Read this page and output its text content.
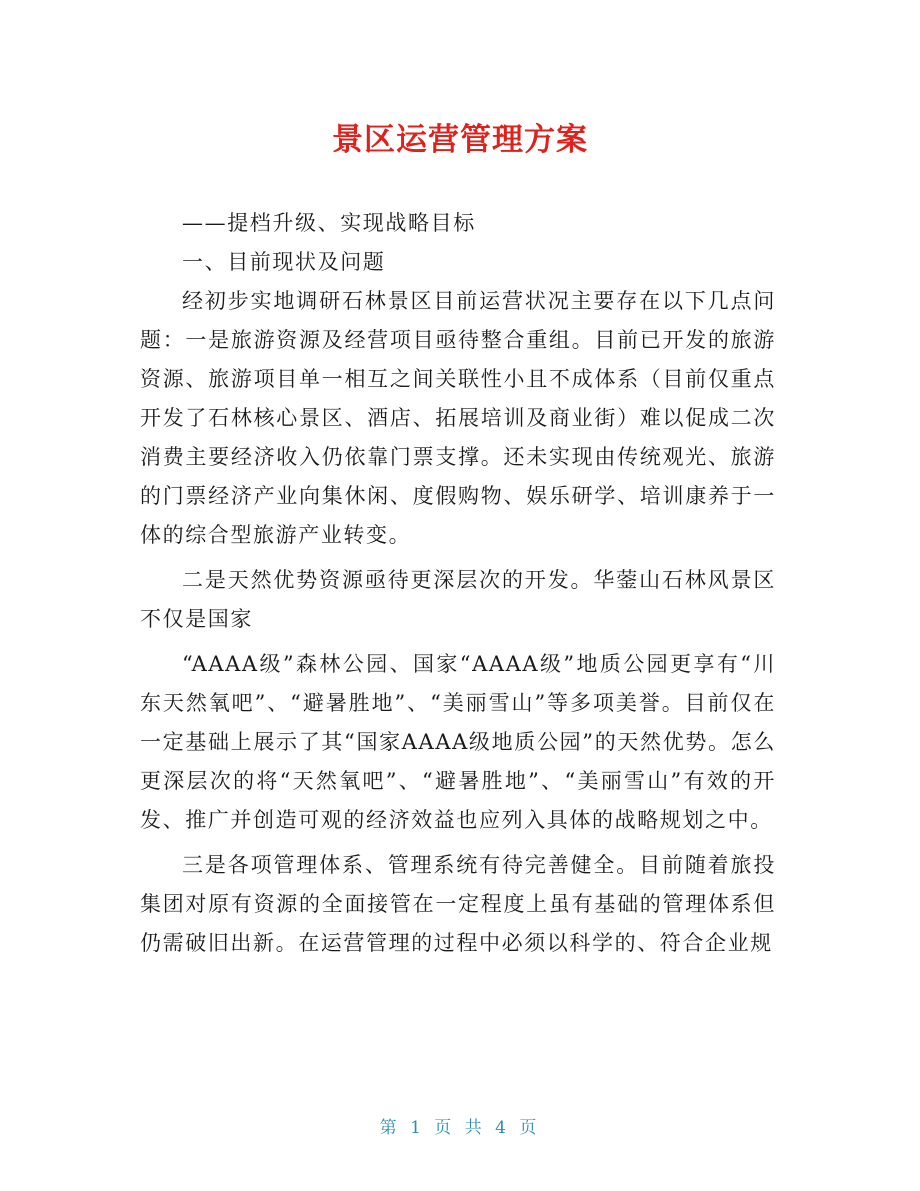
景区运营管理方案

——提档升级、实现战略目标

一、目前现状及问题

经初步实地调研石林景区目前运营状况主要存在以下几点问题：一是旅游资源及经营项目亟待整合重组。目前已开发的旅游资源、旅游项目单一相互之间关联性小且不成体系（目前仅重点开发了石林核心景区、酒店、拓展培训及商业街）难以促成二次消费主要经济收入仍依靠门票支撑。还未实现由传统观光、旅游的门票经济产业向集休闲、度假购物、娱乐研学、培训康养于一体的综合型旅游产业转变。

二是天然优势资源亟待更深层次的开发。华蓥山石林风景区不仅是国家

“AAAA级”森林公园、国家“AAAA级”地质公园更享有“川东天然氧吧”、“避暑胜地”、“美丽雪山”等多项美誉。目前仅在一定基础上展示了其“国家AAAA级地质公园”的天然优势。怎么更深层次的将“天然氧吧”、“避暑胜地”、“美丽雪山”有效的开发、推广并创造可观的经济效益也应列入具体的战略规划之中。

三是各项管理体系、管理系统有待完善健全。目前随着旅投集团对原有资源的全面接管在一定程度上虽有基础的管理体系但仍需破旧出新。在运营管理的过程中必须以科学的、符合企业规

第 1 页 共 4 页
